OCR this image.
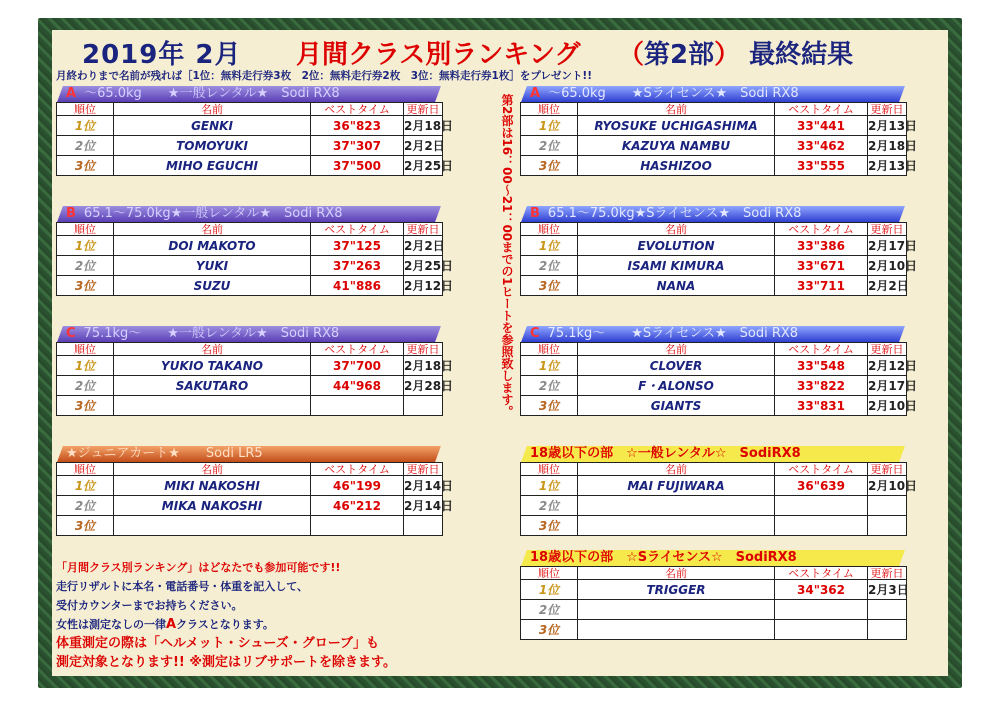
2019年 2月 月間クラス別ランキング （第2部） 最終結果
月終わりまで名前が残れば［1位：無料走行券3枚　2位：無料走行券2枚　3位：無料走行券1枚］をプレゼント!!
第2部は16：00〜21：00までの1ヒートを参照致します。
A 〜65.0kg　　★一般レンタル★　Sodi RX8
順位	名前	ベストタイム	更新日
1位	GENKI	36"823	2月18日
2位	TOMOYUKI	37"307	2月2日
3位	MIHO EGUCHI	37"500	2月25日
A 〜65.0kg　　★Sライセンス★　Sodi RX8
順位	名前	ベストタイム	更新日
1位	RYOSUKE UCHIGASHIMA	33"441	2月13日
2位	KAZUYA NAMBU	33"462	2月18日
3位	HASHIZOO	33"555	2月13日
B 65.1〜75.0kg★一般レンタル★　Sodi RX8
順位	名前	ベストタイム	更新日
1位	DOI MAKOTO	37"125	2月2日
2位	YUKI	37"263	2月25日
3位	SUZU	41"886	2月12日
B 65.1〜75.0kg★Sライセンス★　Sodi RX8
順位	名前	ベストタイム	更新日
1位	EVOLUTION	33"386	2月17日
2位	ISAMI KIMURA	33"671	2月10日
3位	NANA	33"711	2月2日
C 75.1kg〜　　★一般レンタル★　Sodi RX8
順位	名前	ベストタイム	更新日
1位	YUKIO TAKANO	37"700	2月18日
2位	SAKUTARO	44"968	2月28日
3位			
C 75.1kg〜　　★Sライセンス★　Sodi RX8
順位	名前	ベストタイム	更新日
1位	CLOVER	33"548	2月12日
2位	F・ALONSO	33"822	2月17日
3位	GIANTS	33"831	2月10日
★ジュニアカート★　　Sodi LR5
順位	名前	ベストタイム	更新日
1位	MIKI NAKOSHI	46"199	2月14日
2位	MIKA NAKOSHI	46"212	2月14日
3位			
18歳以下の部　☆一般レンタル☆　SodiRX8
順位	名前	ベストタイム	更新日
1位	MAI FUJIWARA	36"639	2月10日
2位			
3位			
18歳以下の部　☆Sライセンス☆　SodiRX8
順位	名前	ベストタイム	更新日
1位	TRIGGER	34"362	2月3日
2位			
3位			
「月間クラス別ランキング」はどなたでも参加可能です!!
走行リザルトに本名・電話番号・体重を記入して、
受付カウンターまでお持ちください。
女性は測定なしの一律Aクラスとなります。
体重測定の際は「ヘルメット・シューズ・グローブ」も
測定対象となります!! ※測定はリブサポートを除きます。
